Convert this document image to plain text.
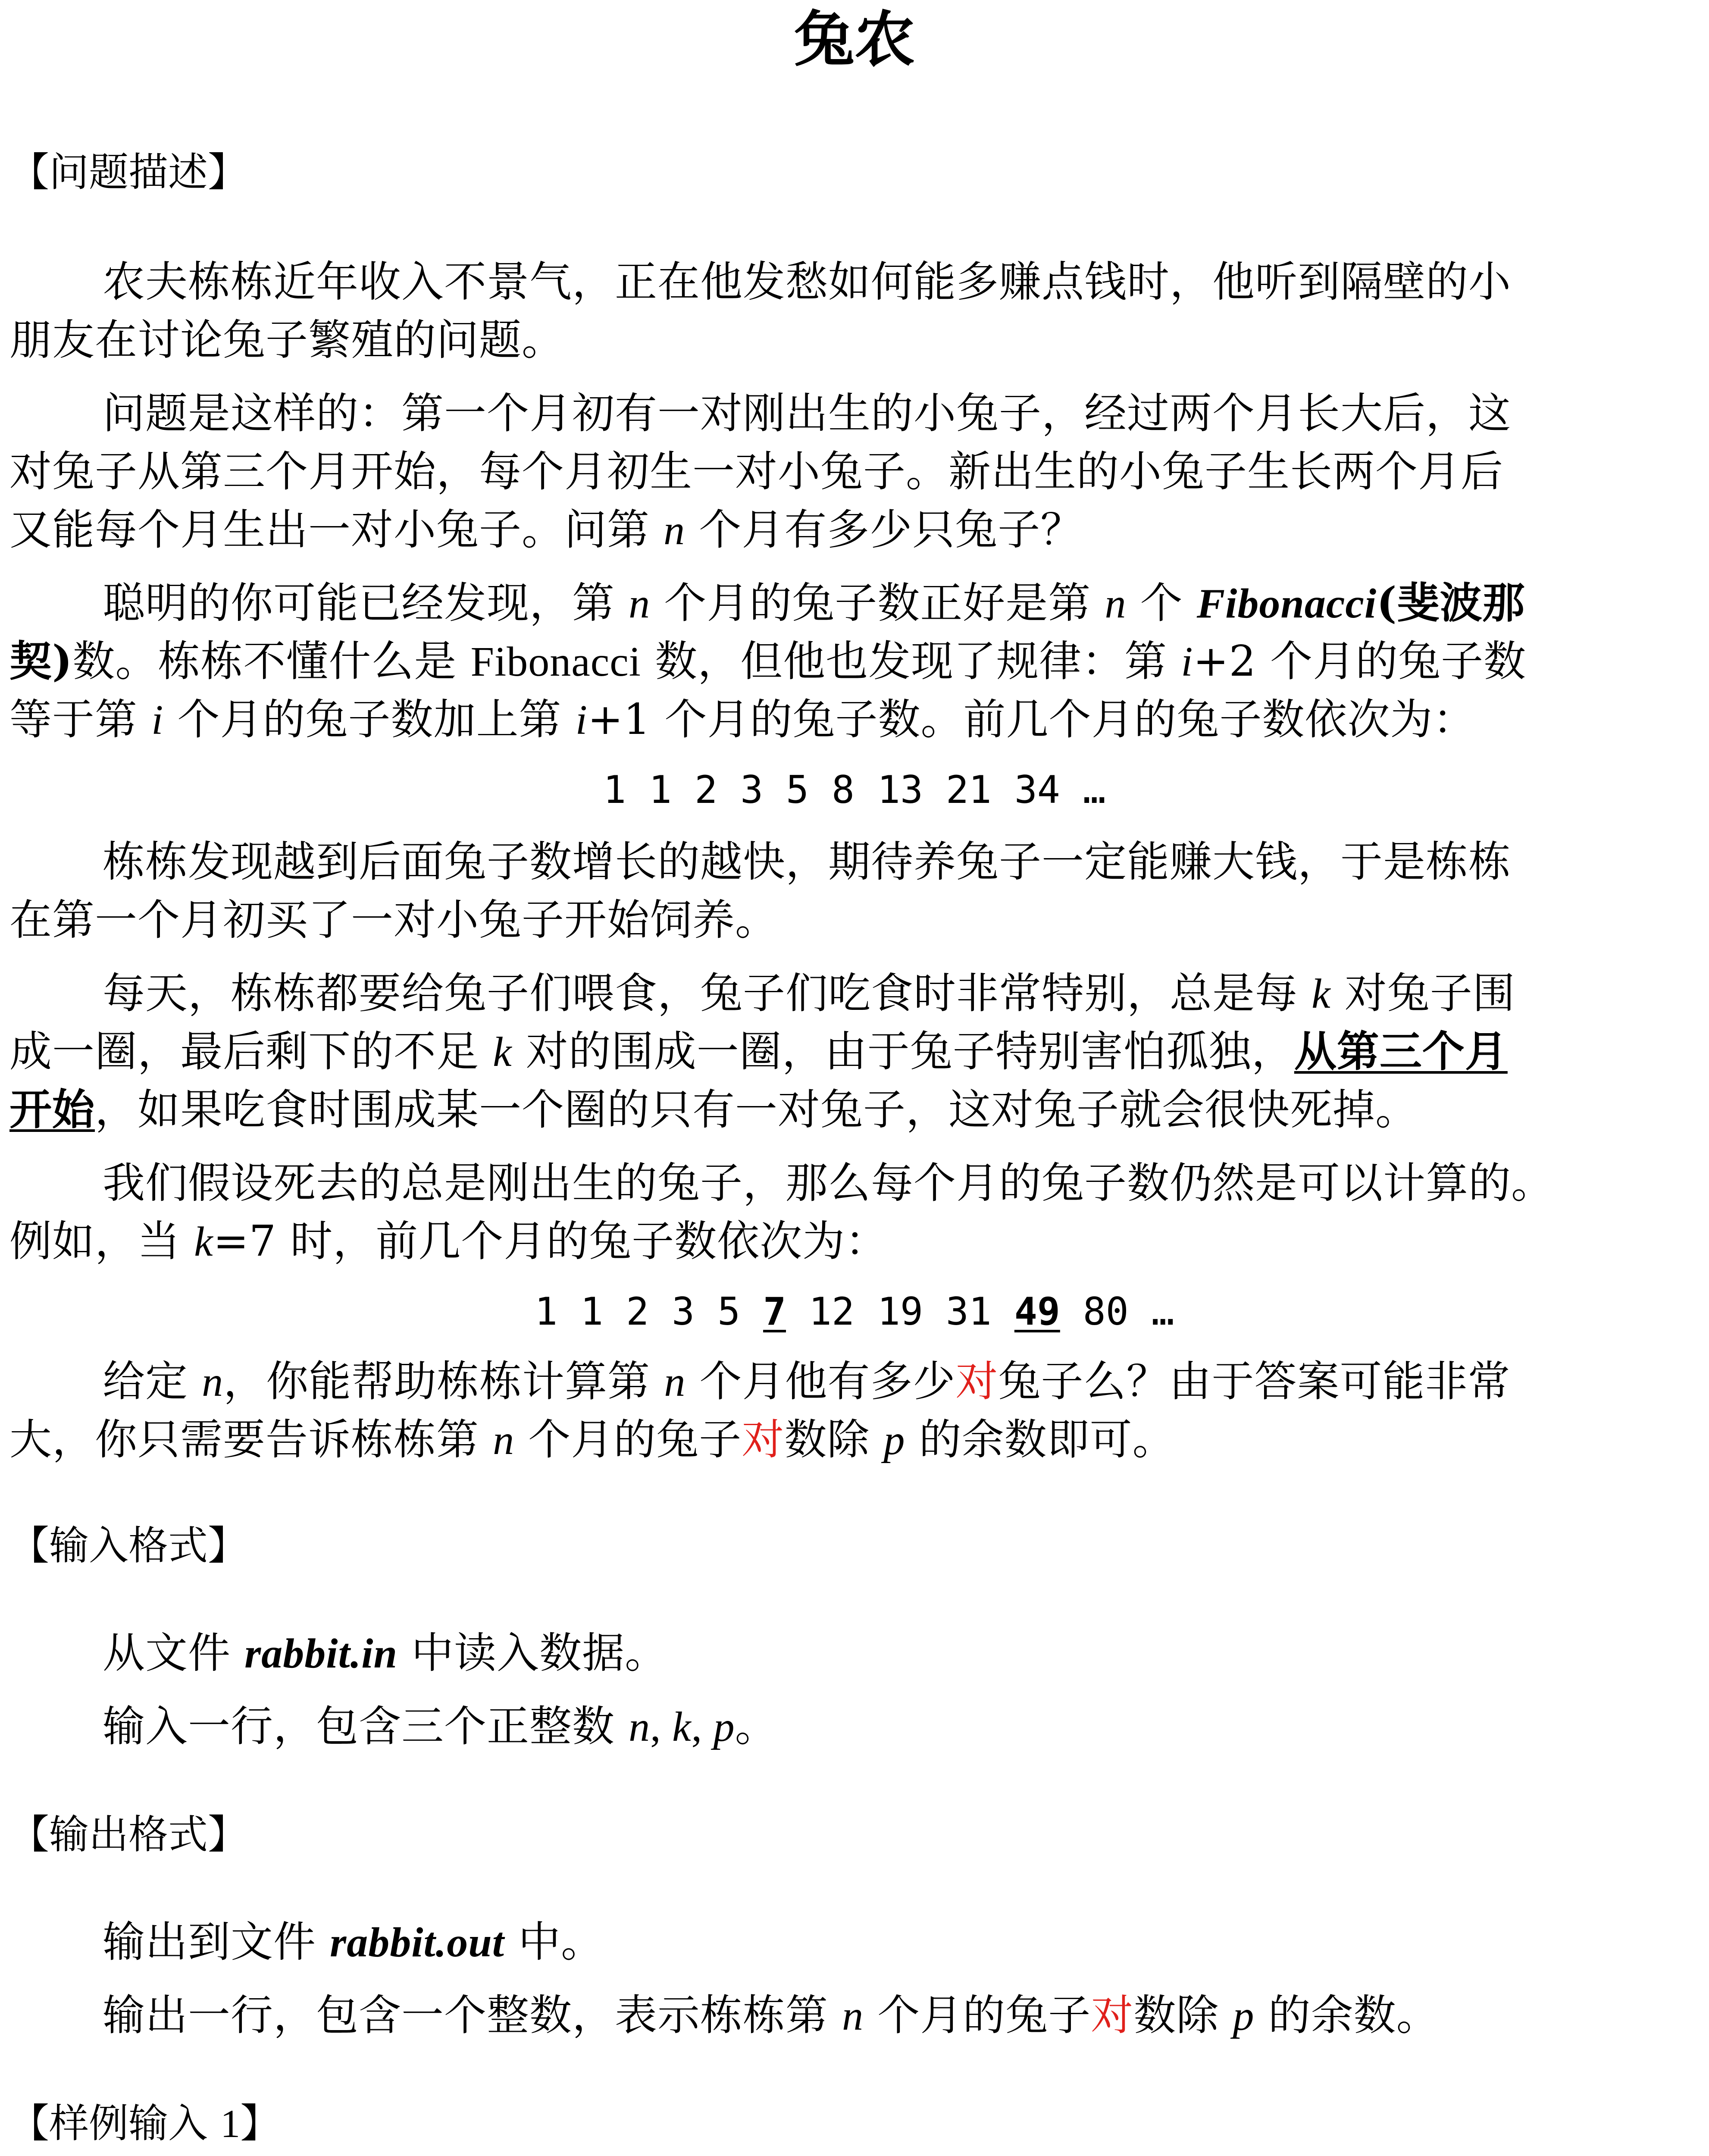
兔农
【问题描述】
农夫栋栋近年收入不景气，正在他发愁如何能多赚点钱时，他听到隔壁的小
朋友在讨论兔子繁殖的问题。
问题是这样的：第一个月初有一对刚出生的小兔子，经过两个月长大后，这
对兔子从第三个月开始，每个月初生一对小兔子。新出生的小兔子生长两个月后
又能每个月生出一对小兔子。问第 n 个月有多少只兔子？
聪明的你可能已经发现，第 n 个月的兔子数正好是第 n 个 Fibonacci(斐波那
契)数。栋栋不懂什么是 Fibonacci 数，但他也发现了规律：第 i+2 个月的兔子数
等于第 i 个月的兔子数加上第 i+1 个月的兔子数。前几个月的兔子数依次为：
1 1 2 3 5 8 13 21 34 …
栋栋发现越到后面兔子数增长的越快，期待养兔子一定能赚大钱，于是栋栋
在第一个月初买了一对小兔子开始饲养。
每天，栋栋都要给兔子们喂食，兔子们吃食时非常特别，总是每 k 对兔子围
成一圈，最后剩下的不足 k 对的围成一圈，由于兔子特别害怕孤独，从第三个月
开始，如果吃食时围成某一个圈的只有一对兔子，这对兔子就会很快死掉。
我们假设死去的总是刚出生的兔子，那么每个月的兔子数仍然是可以计算的。
例如，当 k=7 时，前几个月的兔子数依次为：
1 1 2 3 5 7 12 19 31 49 80 …
给定 n，你能帮助栋栋计算第 n 个月他有多少对兔子么？由于答案可能非常
大，你只需要告诉栋栋第 n 个月的兔子对数除 p 的余数即可。
【输入格式】
从文件 rabbit.in 中读入数据。
输入一行，包含三个正整数 n, k, p。
【输出格式】
输出到文件 rabbit.out 中。
输出一行，包含一个整数，表示栋栋第 n 个月的兔子对数除 p 的余数。
【样例输入 1】
